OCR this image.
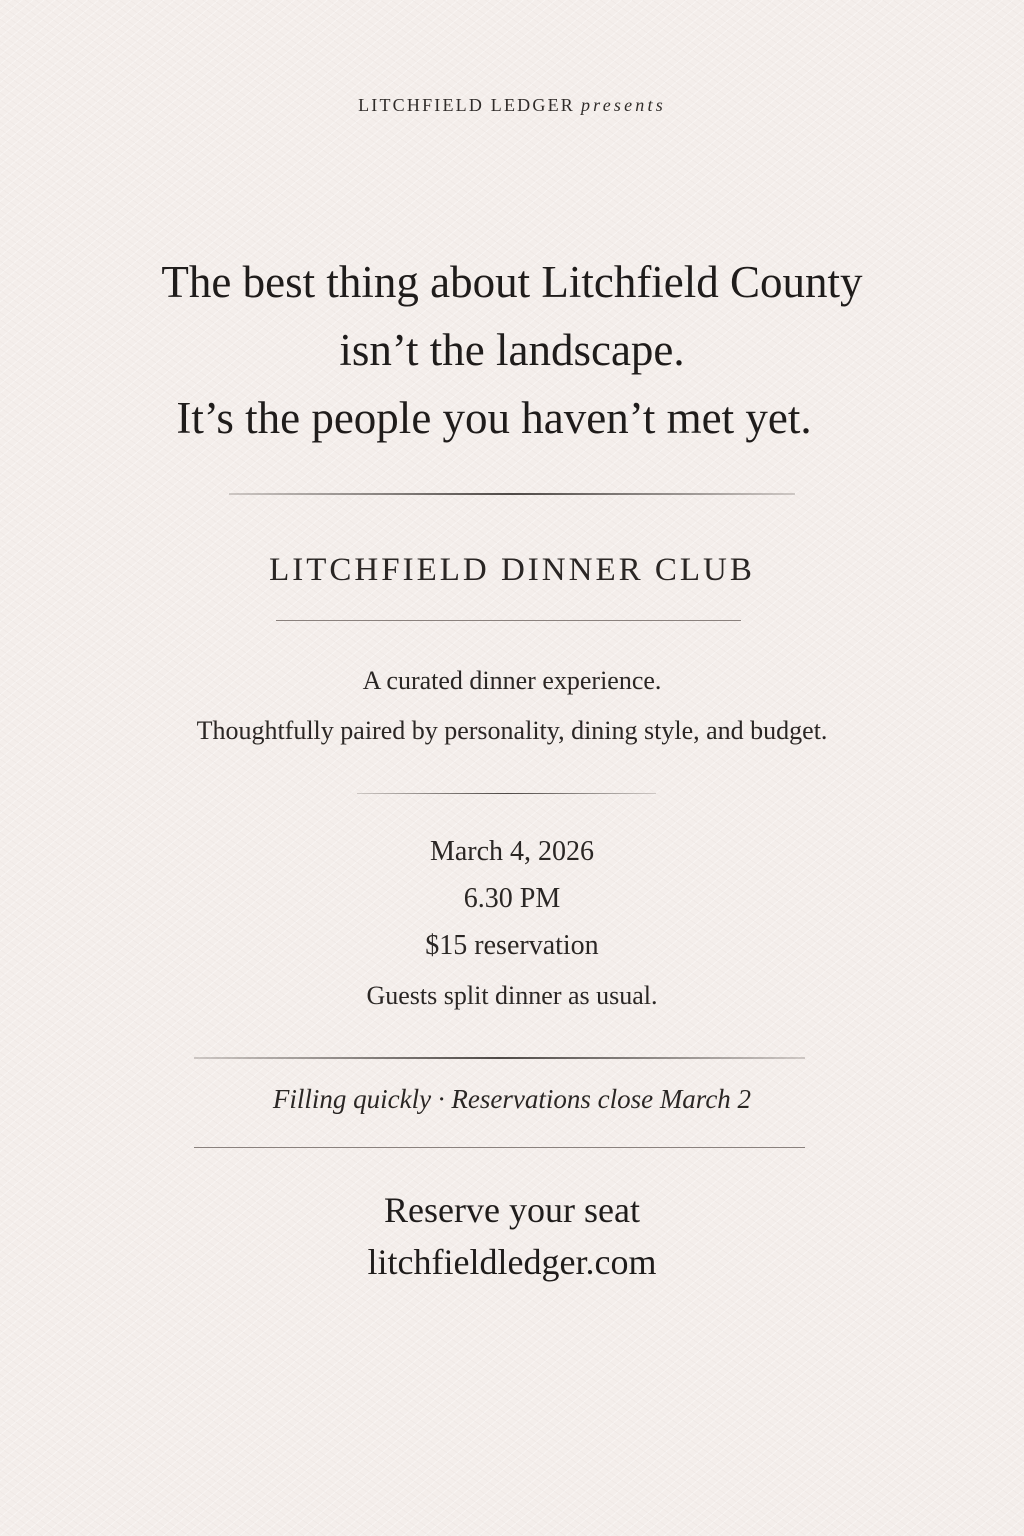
LITCHFIELD LEDGER presents
The best thing about Litchfield County
isn’t the landscape.
It’s the people you haven’t met yet.
LITCHFIELD DINNER CLUB
A curated dinner experience.
Thoughtfully paired by personality, dining style, and budget.
March 4, 2026
6.30 PM
$15 reservation
Guests split dinner as usual.
Filling quickly · Reservations close March 2
Reserve your seat
litchfieldledger.com
